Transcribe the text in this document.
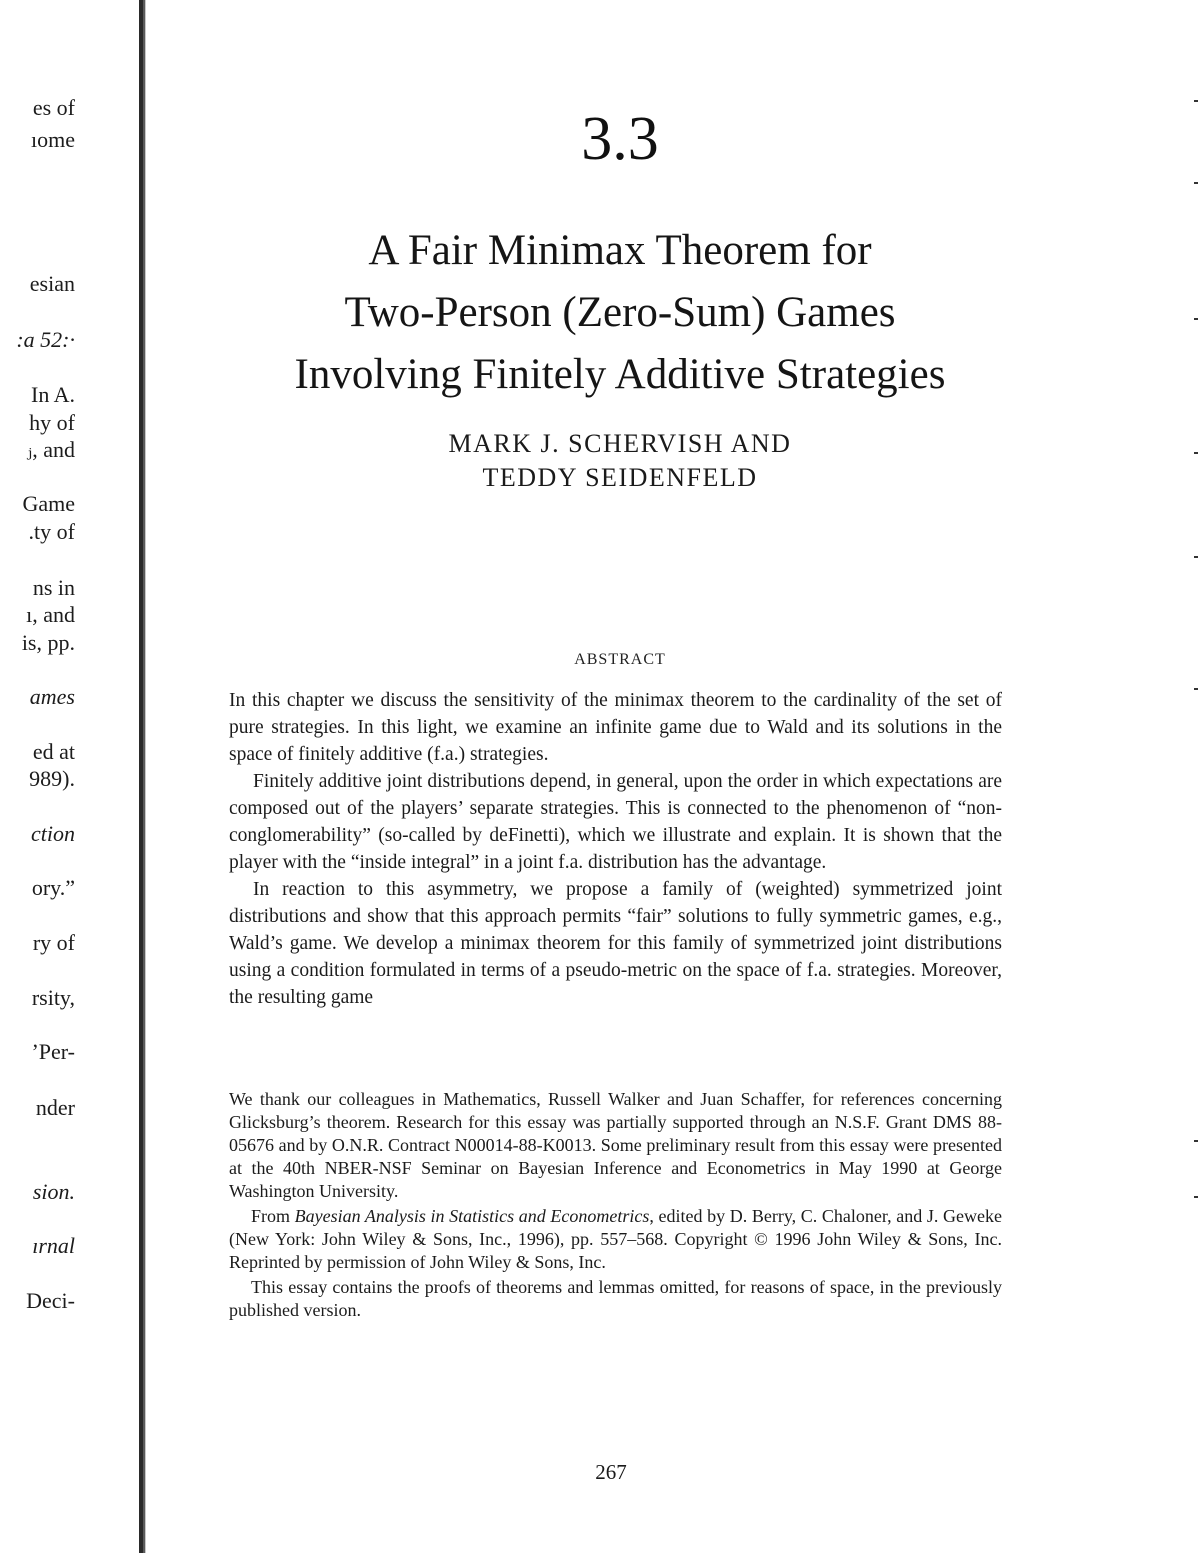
es of
ıome
esian
:a 52:·
In A.
hy of
ⱼ, and
Game
.ty of
ns in
ı, and
is, pp.
ames
ed at
989).
ction
ory.”
ry of
rsity,
’Per-
nder
sion.
ırnal
Deci-
3.3
A Fair Minimax Theorem for
Two-Person (Zero-Sum) Games
Involving Finitely Additive Strategies
MARK J. SCHERVISH AND
TEDDY SEIDENFELD
ABSTRACT

In this chapter we discuss the sensitivity of the minimax theorem to the cardinality of the set of pure strategies. In this light, we examine an infinite game due to Wald and its solutions in the space of finitely additive (f.a.) strategies.

Finitely additive joint distributions depend, in general, upon the order in which expectations are composed out of the players’ separate strategies. This is connected to the phenomenon of “non-conglomerability” (so-called by deFinetti), which we illustrate and explain. It is shown that the player with the “inside integral” in a joint f.a. distribution has the advantage.

In reaction to this asymmetry, we propose a family of (weighted) symmetrized joint distributions and show that this approach permits “fair” solutions to fully symmetric games, e.g., Wald’s game. We develop a minimax theorem for this family of symmetrized joint distributions using a condition formulated in terms of a pseudo-metric on the space of f.a. strategies. Moreover, the resulting game

We thank our colleagues in Mathematics, Russell Walker and Juan Schaffer, for references concerning Glicksburg’s theorem. Research for this essay was partially supported through an N.S.F. Grant DMS 88-05676 and by O.N.R. Contract N00014-88-K0013. Some preliminary result from this essay were presented at the 40th NBER-NSF Seminar on Bayesian Inference and Econometrics in May 1990 at George Washington University.

From Bayesian Analysis in Statistics and Econometrics, edited by D. Berry, C. Chaloner, and J. Geweke (New York: John Wiley & Sons, Inc., 1996), pp. 557–568. Copyright © 1996 John Wiley & Sons, Inc. Reprinted by permission of John Wiley & Sons, Inc.

This essay contains the proofs of theorems and lemmas omitted, for reasons of space, in the previously published version.

267
